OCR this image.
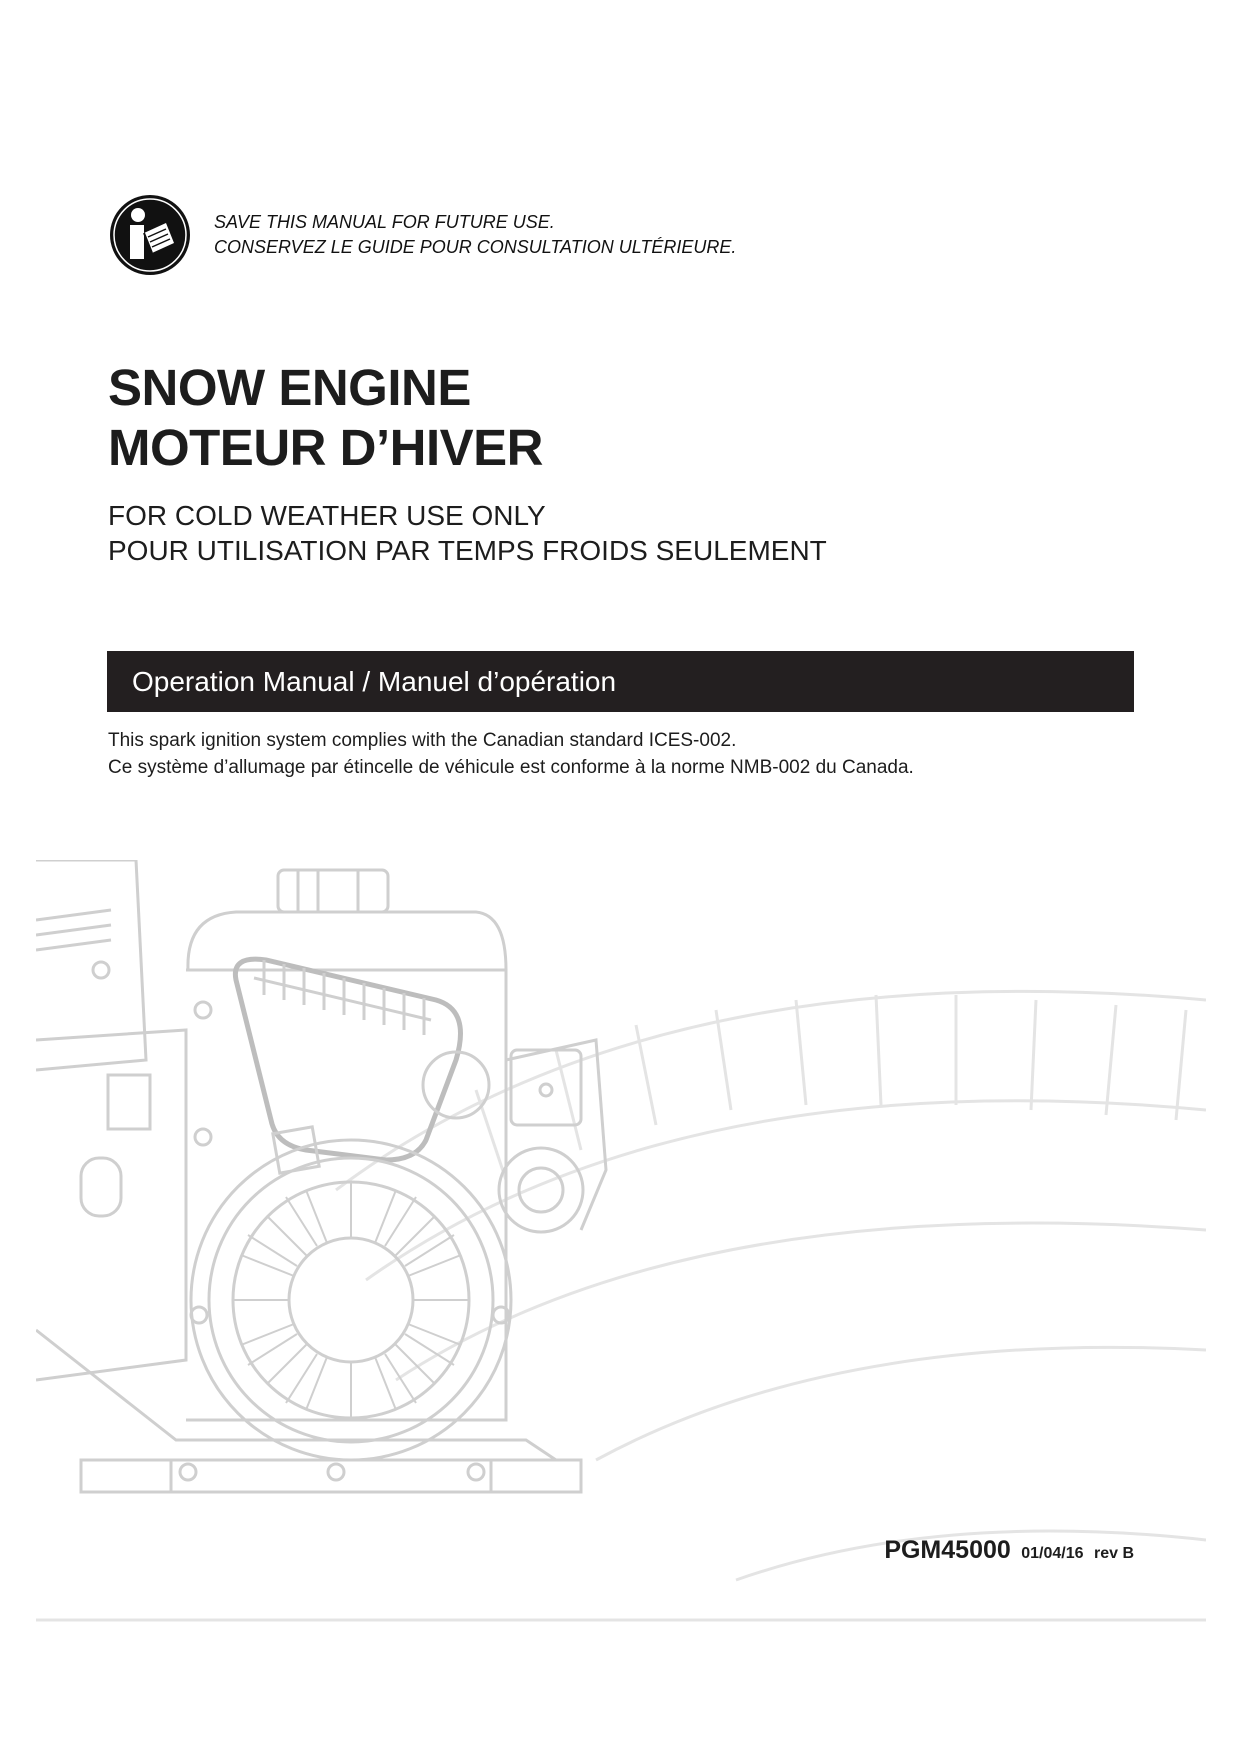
SAVE THIS MANUAL FOR FUTURE USE.
CONSERVEZ LE GUIDE POUR CONSULTATION ULTÉRIEURE.
SNOW ENGINE
MOTEUR D’HIVER
FOR COLD WEATHER USE ONLY
POUR UTILISATION PAR TEMPS FROIDS SEULEMENT
Operation Manual / Manuel d’opération
This spark ignition system complies with the Canadian standard ICES-002.
Ce système d’allumage par étincelle de véhicule est conforme à la norme NMB-002 du Canada.
PGM45000 01/04/16 rev B
